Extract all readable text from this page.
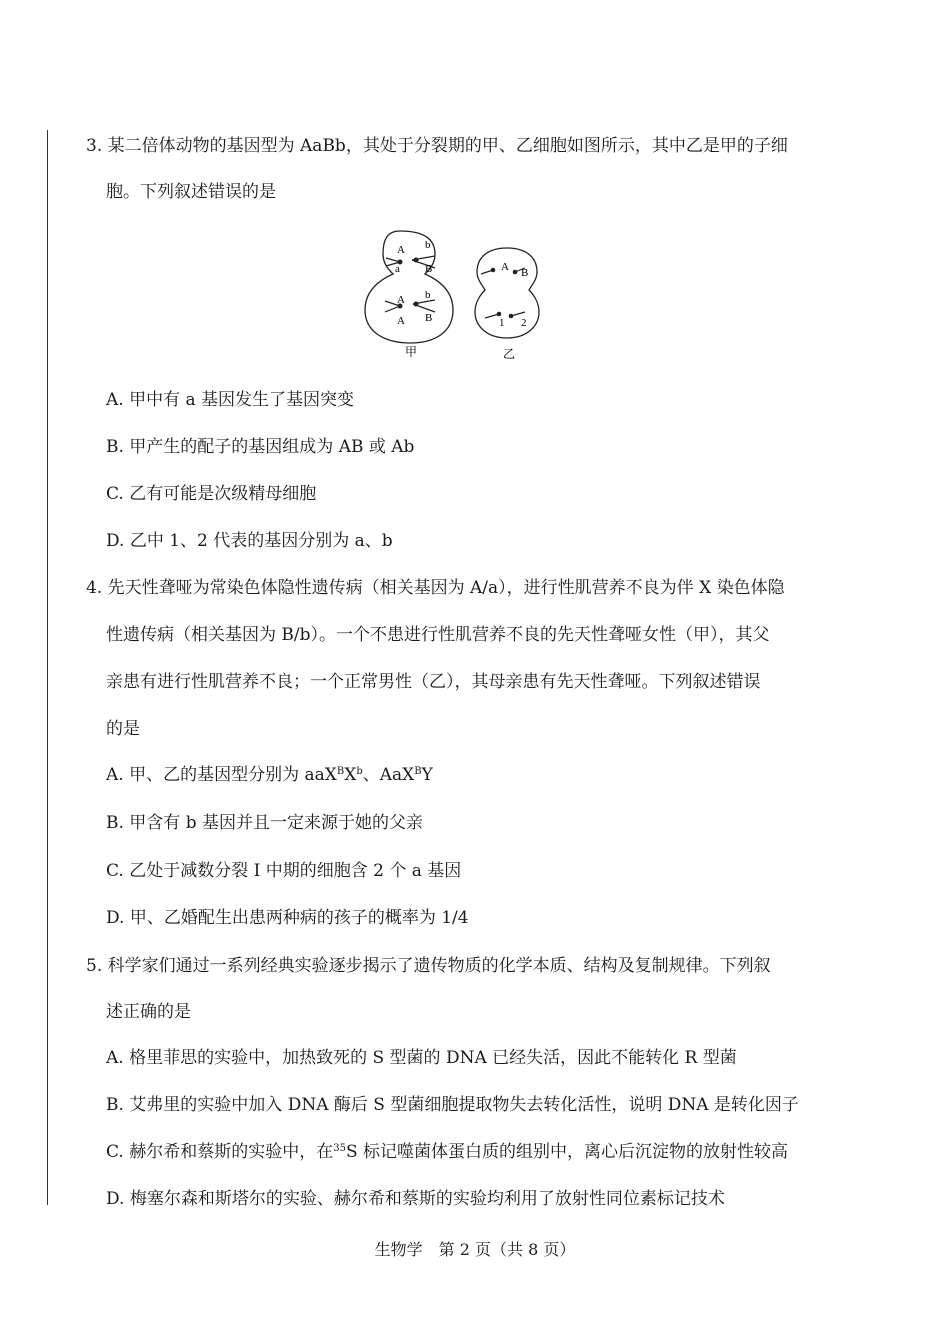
3. 某二倍体动物的基因型为 AaBb，其处于分裂期的甲、乙细胞如图所示，其中乙是甲的子细
胞。下列叙述错误的是
A
a
b
B
A
A
b
B
A B
1 2
甲	乙
A. 甲中有 a 基因发生了基因突变
B. 甲产生的配子的基因组成为 AB 或 Ab
C. 乙有可能是次级精母细胞
D. 乙中 1、2 代表的基因分别为 a、b
4. 先天性聋哑为常染色体隐性遗传病（相关基因为 A/a），进行性肌营养不良为伴 X 染色体隐
性遗传病（相关基因为 B/b）。一个不患进行性肌营养不良的先天性聋哑女性（甲），其父
亲患有进行性肌营养不良；一个正常男性（乙），其母亲患有先天性聋哑。下列叙述错误
的是
A. 甲、乙的基因型分别为 $aaX^BX^b$、AaX$^B$Y
B. 甲含有 b 基因并且一定来源于她的父亲
C. 乙处于减数分裂 Ⅰ 中期的细胞含 2 个 a 基因
D. 甲、乙婚配生出患两种病的孩子的概率为 1/4
5. 科学家们通过一系列经典实验逐步揭示了遗传物质的化学本质、结构及复制规律。下列叙
述正确的是
A. 格里菲思的实验中，加热致死的 S 型菌的 DNA 已经失活，因此不能转化 R 型菌
B. 艾弗里的实验中加入 DNA 酶后 S 型菌细胞提取物失去转化活性，说明 DNA 是转化因子
C. 赫尔希和蔡斯的实验中，在$^{35}$S 标记噬菌体蛋白质的组别中，离心后沉淀物的放射性较高
D. 梅塞尔森和斯塔尔的实验、赫尔希和蔡斯的实验均利用了放射性同位素标记技术
生物学　第 2 页（共 8 页）
